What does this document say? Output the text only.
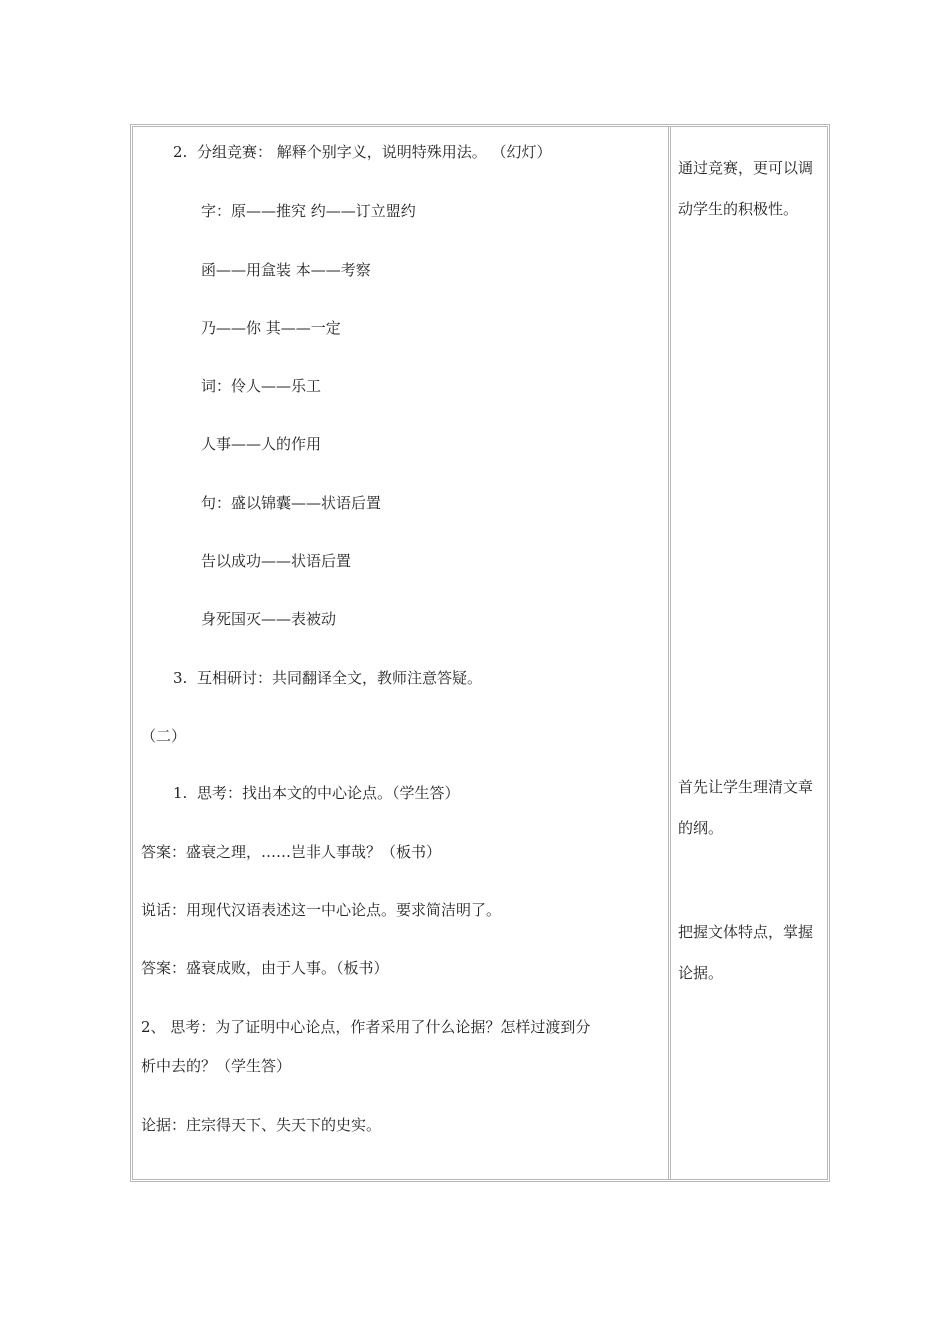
2. 分组竞赛： 解释个别字义，说明特殊用法。 （幻灯）
字：原——推究 约——订立盟约
函——用盒装 本——考察
乃——你 其——一定
词：伶人——乐工
人事——人的作用
句：盛以锦囊——状语后置
告以成功——状语后置
身死国灭——表被动
3. 互相研讨：共同翻译全文，教师注意答疑。
（二）
1. 思考：找出本文的中心论点。（学生答）
答案：盛衰之理，……岂非人事哉？（板书）
说话：用现代汉语表述这一中心论点。要求简洁明了。
答案：盛衰成败，由于人事。（板书）
2、 思考：为了证明中心论点，作者采用了什么论据？怎样过渡到分
析中去的？（学生答）
论据：庄宗得天下、失天下的史实。
通过竞赛，更可以调动学生的积极性。
首先让学生理清文章的纲。
把握文体特点，掌握论据。
